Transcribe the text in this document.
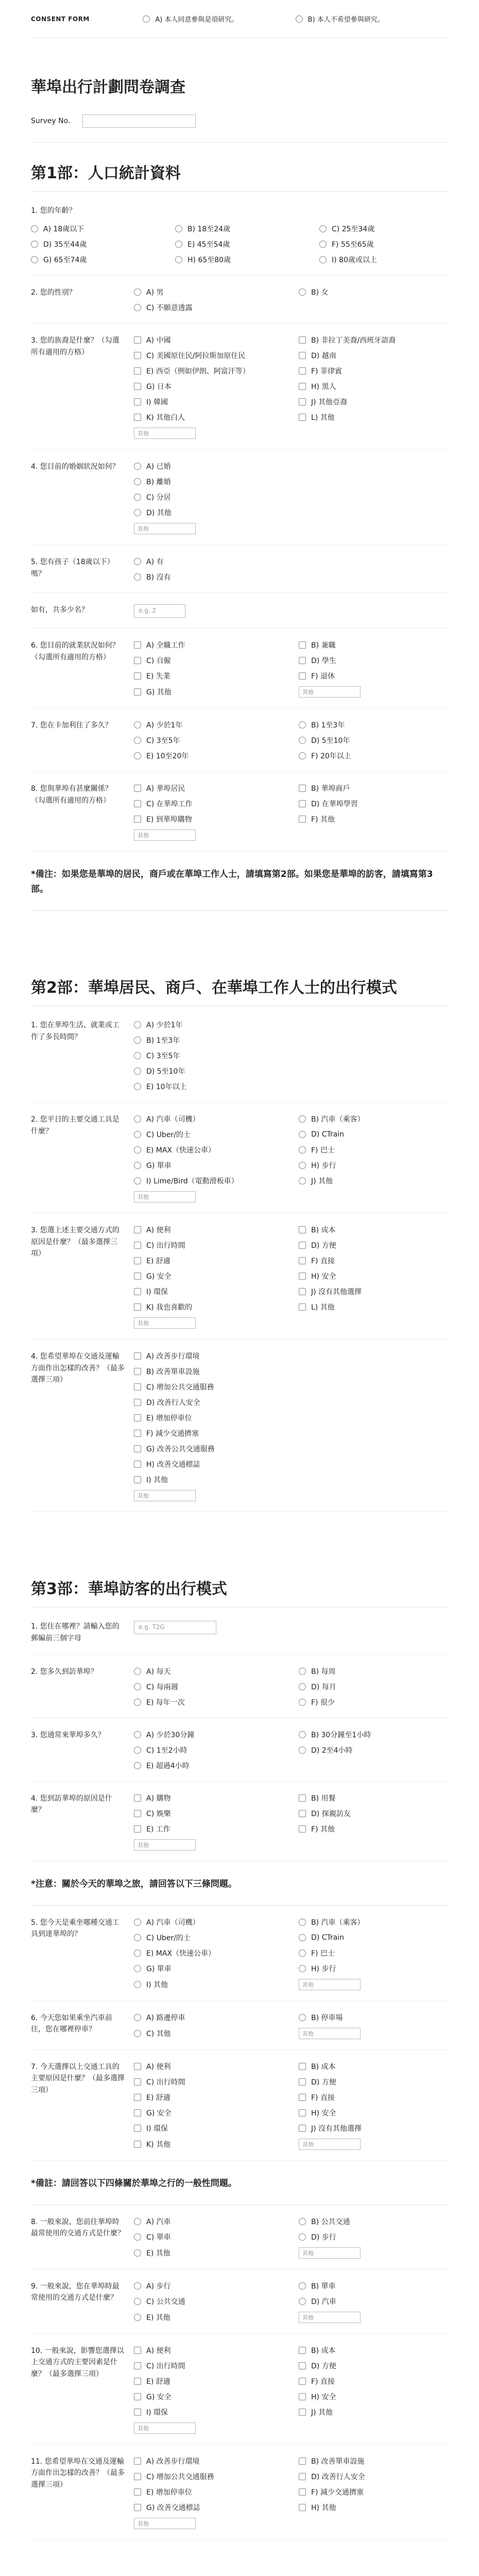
CONSENT FORM	A) 本人同意參與是項研究。	B) 本人不希望參與研究。
華埠出行計劃問卷調查
Survey No.
第1部：人口統計資料
1. 您的年齡？
A) 18歲以下	B) 18至24歲	C) 25至34歲
D) 35至44歲	E) 45至54歲	F) 55至65歲
G) 65至74歲	H) 65至80歲	I) 80歲或以上
2. 您的性別？	A) 男	B) 女
C) 不願意透露
3. 您的族裔是什麼？（勾選所有適用的方格）
A) 中國	B) 非拉丁美裔/西班牙語裔
C) 美國原住民/阿拉斯加原住民	D) 越南
E) 西亞（例如伊朗、阿富汗等）	F) 菲律賓
G) 日本	H) 黑人
I) 韓國	J) 其他亞裔
K) 其他白人	L) 其他
其他
4. 您目前的婚姻狀況如何？	A) 已婚
B) 離婚
C) 分居
D) 其他
其他
5. 您有孩子（18歲以下）嗎？
A) 有
B) 沒有
如有，共多少名？	e.g. 2
6. 您目前的就業狀況如何？（勾選所有適用的方格）
A) 全職工作	B) 兼職
C) 自僱	D) 學生
E) 失業	F) 退休
G) 其他	其他
7. 您在卡加利住了多久？	A) 少於1年	B) 1至3年
C) 3至5年	D) 5至10年
E) 10至20年	F) 20年以上
8. 您與華埠有甚麼關係？（勾選所有適用的方格）
A) 華埠居民	B) 華埠商戶
C) 在華埠工作	D) 在華埠學習
E) 到華埠購物	F) 其他
其他
*備注：如果您是華埠的居民，商戶或在華埠工作人士，請填寫第2部。如果您是華埠的訪客，請填寫第3部。
第2部：華埠居民、商戶、在華埠工作人士的出行模式
1. 您在華埠生活、就業或工作了多長時間？
A) 少於1年
B) 1至3年
C) 3至5年
D) 5至10年
E) 10年以上
2. 您平日的主要交通工具是什麼？
A) 汽車（司機）	B) 汽車（乘客）
C) Uber/的士	D) CTrain
E) MAX（快速公車）	F) 巴士
G) 單車	H) 步行
I) Lime/Bird（電動滑板車）	J) 其他
其他
3. 您選上述主要交通方式的原因是什麼？（最多選擇三項）
A) 便利	B) 成本
C) 出行時間	D) 方便
E) 舒適	F) 直接
G) 安全	H) 安全
I) 環保	J) 沒有其他選擇
K) 我也喜歡的	L) 其他
其他
4. 您希望華埠在交通及運輸方面作出怎樣的改善？（最多選擇三項）
A) 改善步行環境
B) 改善單車設施
C) 增加公共交通服務
D) 改善行人安全
E) 增加停車位
F) 減少交通擠塞
G) 改善公共交通服務
H) 改善交通標誌
I) 其他
其他
第3部：華埠訪客的出行模式
1. 您住在哪裡？請輸入您的郵編前三個字母
e.g. T2G
2. 您多久到訪華埠？	A) 每天	B) 每周
C) 每兩週	D) 每月
E) 每年一次	F) 很少
3. 您通常來華埠多久？	A) 少於30分鐘	B) 30分鐘至1小時
C) 1至2小時	D) 2至4小時
E) 超過4小時
4. 您到訪華埠的原因是什麼？
A) 購物	B) 用餐
C) 娛樂	D) 探親訪友
E) 工作	F) 其他
其他
*注意：關於今天的華埠之旅，請回答以下三條問題。
5. 您今天是乘坐哪種交通工具到達華埠的？
A) 汽車（司機）	B) 汽車（乘客）
C) Uber/的士	D) CTrain
E) MAX（快速公車）	F) 巴士
G) 單車	H) 步行
I) 其他	其他
6. 今天您如果乘坐汽車前往，您在哪裡停車？
A) 路邊停車	B) 停車場
C) 其他	其他
7. 今天選擇以上交通工具的主要原因是什麼？（最多選擇三項）
A) 便利	B) 成本
C) 出行時間	D) 方便
E) 舒適	F) 直接
G) 安全	H) 安全
I) 環保	J) 沒有其他選擇
K) 其他	其他
*備註：請回答以下四條關於華埠之行的一般性問題。
8. 一般來說，您前往華埠時最常使用的交通方式是什麼？
A) 汽車	B) 公共交通
C) 單車	D) 步行
E) 其他	其他
9. 一般來說，您在華埠時最常使用的交通方式是什麼？
A) 步行	B) 單車
C) 公共交通	D) 汽車
E) 其他	其他
10. 一般來說，影響您選擇以上交通方式的主要因素是什麼？（最多選擇三項）
A) 便利	B) 成本
C) 出行時間	D) 方便
E) 舒適	F) 直接
G) 安全	H) 安全
I) 環保	J) 其他
其他
11. 您希望華埠在交通及運輸方面作出怎樣的改善？（最多選擇三項）
A) 改善步行環境	B) 改善單車設施
C) 增加公共交通服務	D) 改善行人安全
E) 增加停車位	F) 減少交通擠塞
G) 改善交通標誌	H) 其他
其他
